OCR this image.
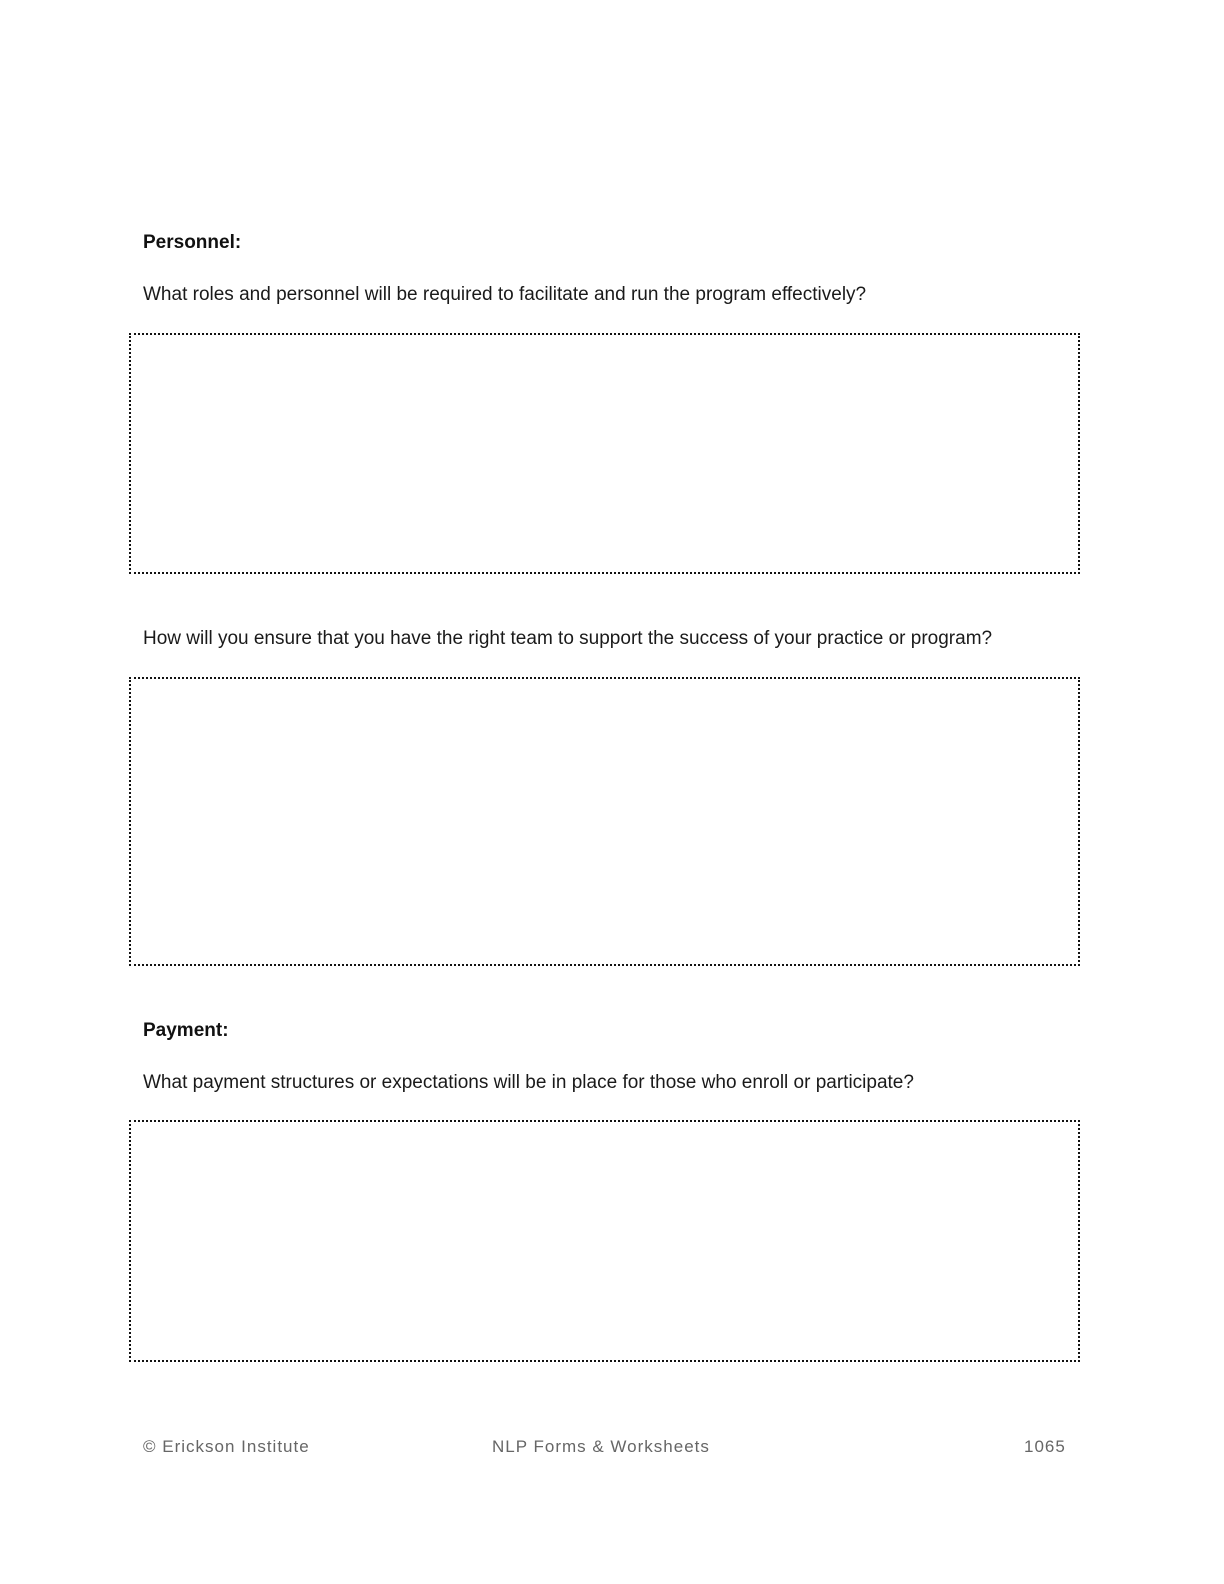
Personnel:
What roles and personnel will be required to facilitate and run the program effectively?
How will you ensure that you have the right team to support the success of your practice or program?
Payment:
What payment structures or expectations will be in place for those who enroll or participate?
© Erickson Institute	NLP Forms & Worksheets	1065
